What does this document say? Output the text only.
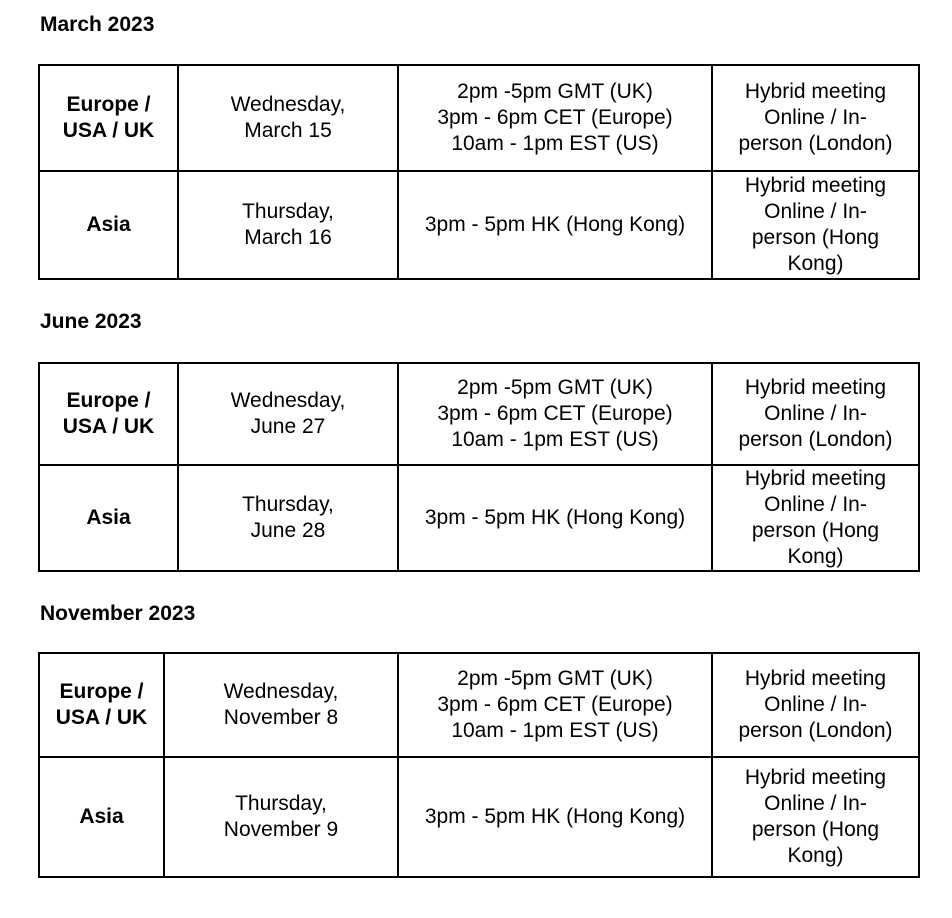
March 2023
Europe /
USA / UK	Wednesday,
March 15	2pm -5pm GMT (UK)
3pm - 6pm CET (Europe)
10am - 1pm EST (US)	Hybrid meeting
Online / In-
person (London)

Asia	Thursday,
March 16	3pm - 5pm HK (Hong Kong)	Hybrid meeting
Online / In-
person (Hong
Kong)
June 2023
Europe /
USA / UK	Wednesday,
June 27	2pm -5pm GMT (UK)
3pm - 6pm CET (Europe)
10am - 1pm EST (US)	Hybrid meeting
Online / In-
person (London)

Asia	Thursday,
June 28	3pm - 5pm HK (Hong Kong)	Hybrid meeting
Online / In-
person (Hong
Kong)
November 2023
Europe /
USA / UK	Wednesday,
November 8	2pm -5pm GMT (UK)
3pm - 6pm CET (Europe)
10am - 1pm EST (US)	Hybrid meeting
Online / In-
person (London)

Asia	Thursday,
November 9	3pm - 5pm HK (Hong Kong)	Hybrid meeting
Online / In-
person (Hong
Kong)
